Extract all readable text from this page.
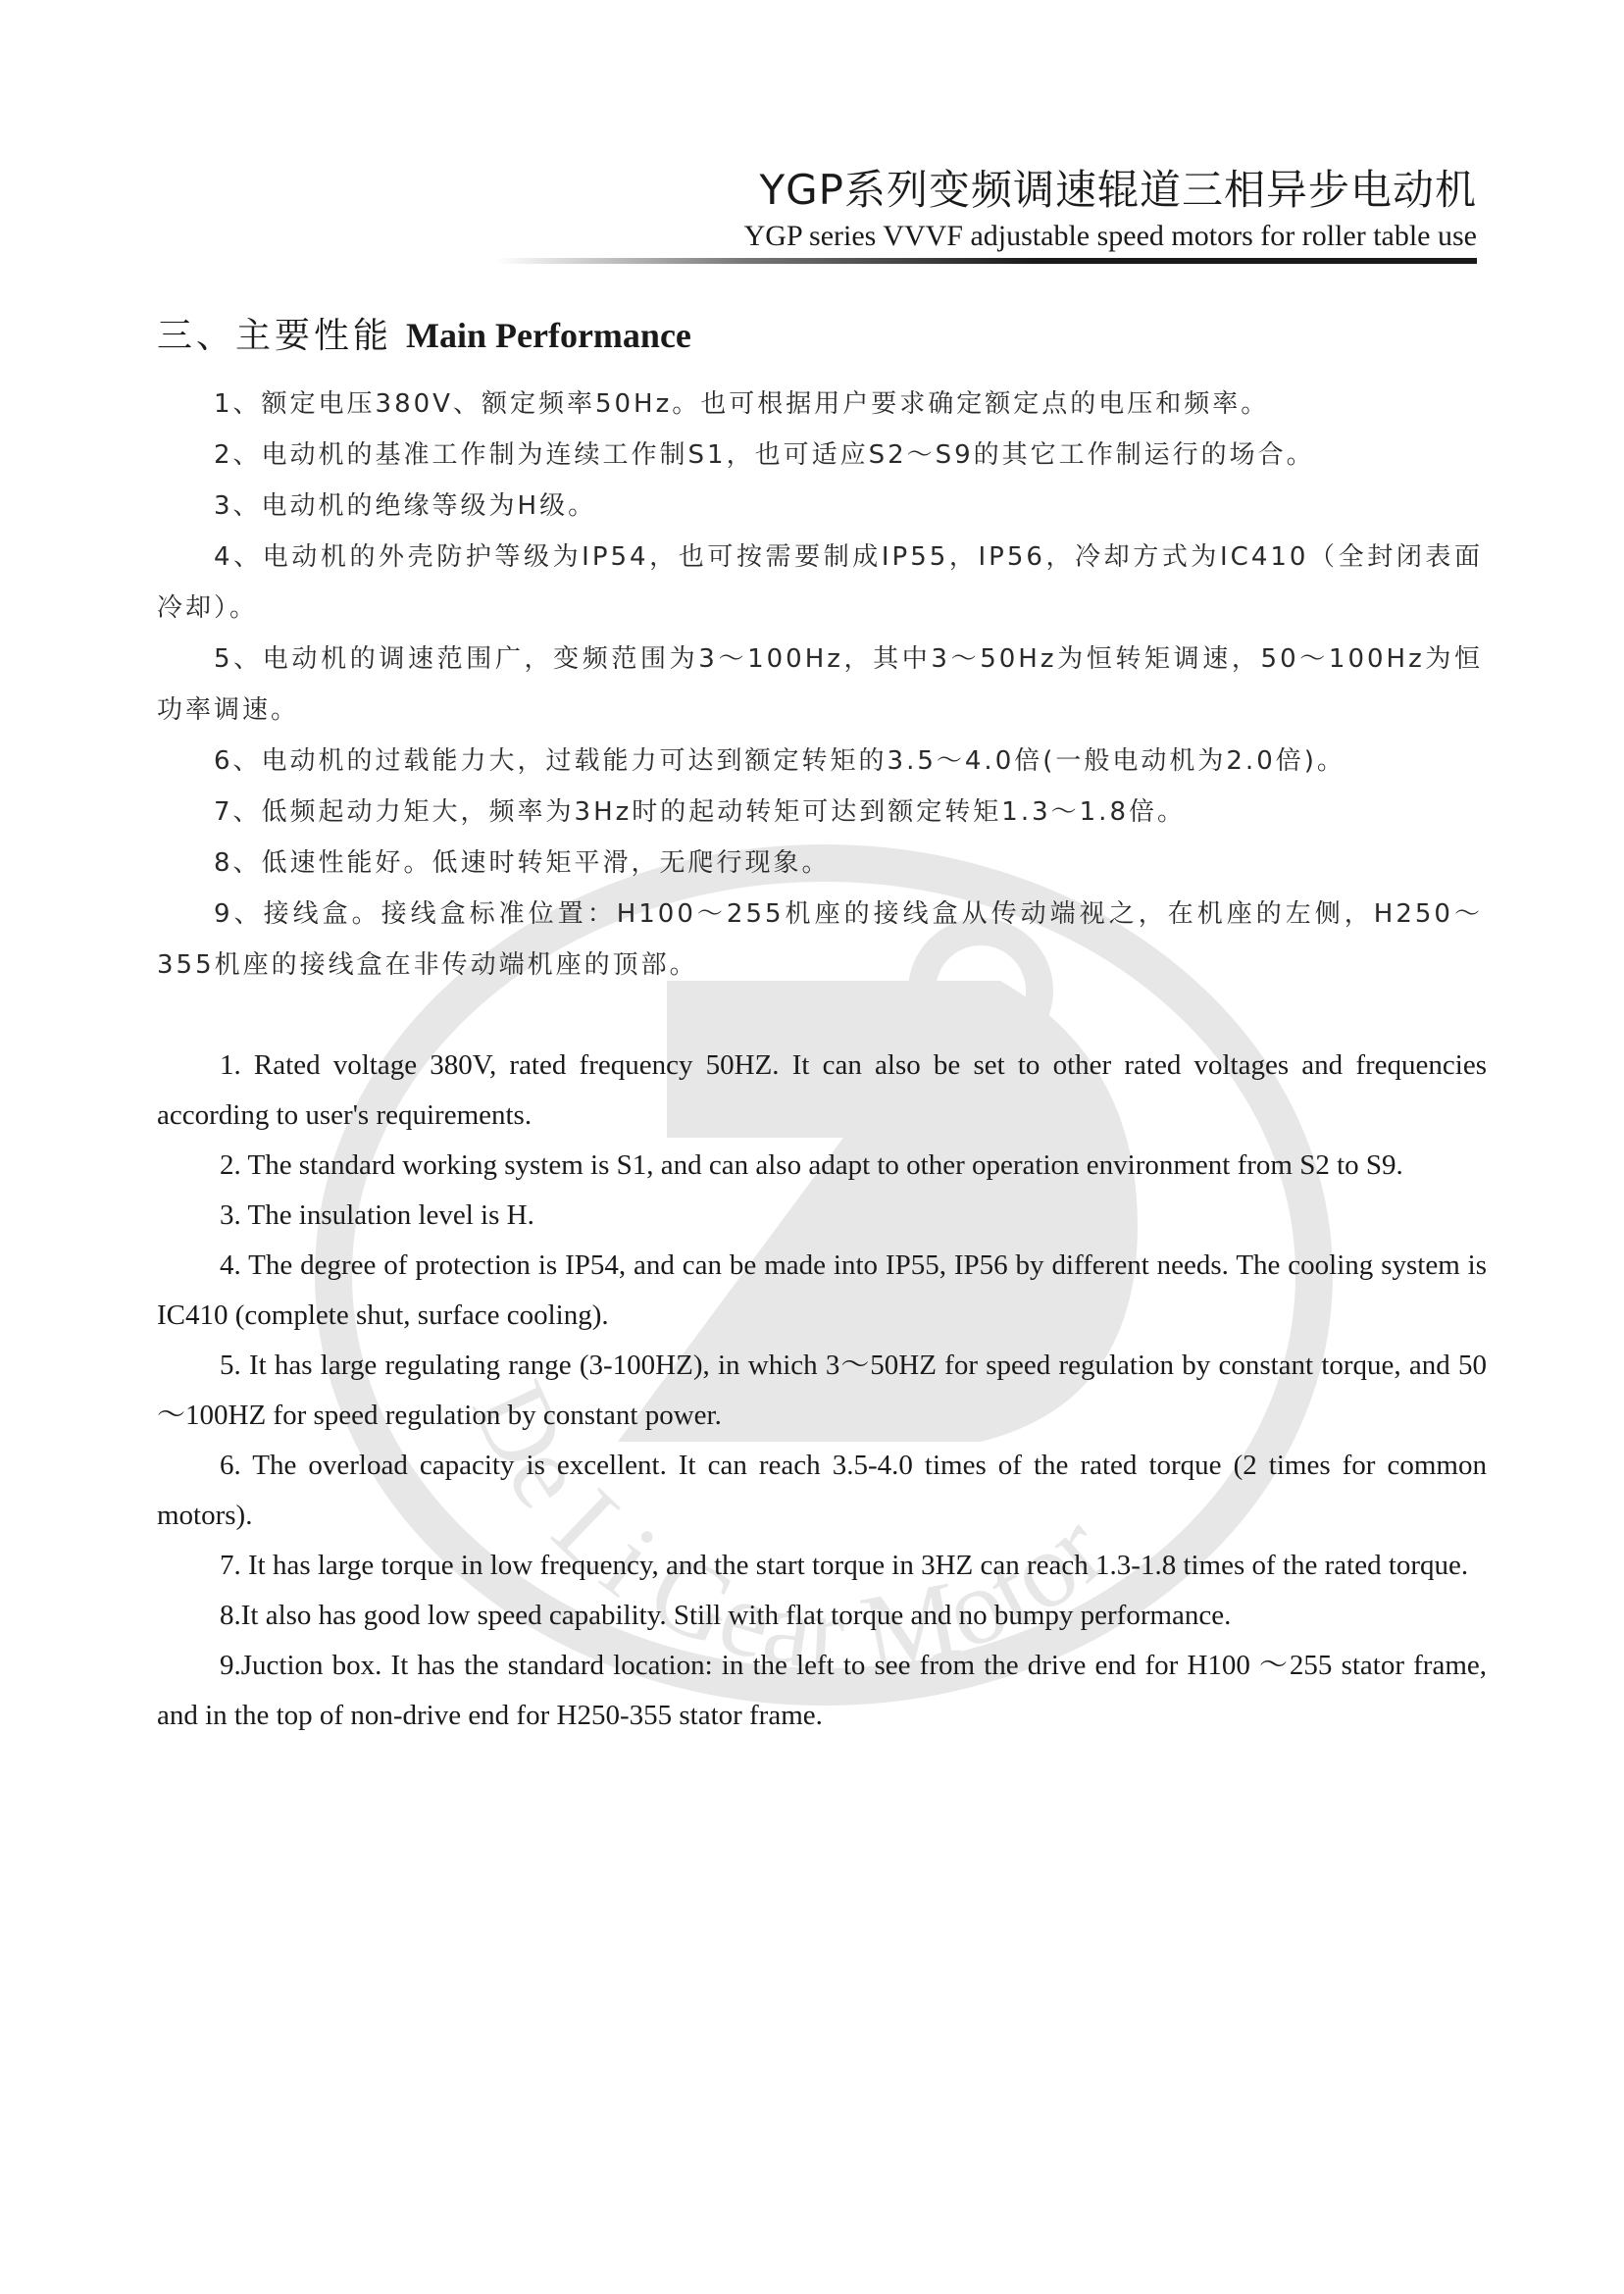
De Li Gear Motor
YGP系列变频调速辊道三相异步电动机
YGP series VVVF adjustable speed motors for roller table use
三、主要性能 Main Performance

1、额定电压380V、额定频率50Hz。也可根据用户要求确定额定点的电压和频率。

2、电动机的基准工作制为连续工作制S1，也可适应S2～S9的其它工作制运行的场合。

3、电动机的绝缘等级为H级。

4、电动机的外壳防护等级为IP54，也可按需要制成IP55，IP56，冷却方式为IC410（全封闭表面冷却）。

5、电动机的调速范围广，变频范围为3～100Hz，其中3～50Hz为恒转矩调速，50～100Hz为恒功率调速。

6、电动机的过载能力大，过载能力可达到额定转矩的3.5～4.0倍(一般电动机为2.0倍)。

7、低频起动力矩大，频率为3Hz时的起动转矩可达到额定转矩1.3～1.8倍。

8、低速性能好。低速时转矩平滑，无爬行现象。

9、接线盒。接线盒标准位置：H100～255机座的接线盒从传动端视之，在机座的左侧，H250～355机座的接线盒在非传动端机座的顶部。

1. Rated voltage 380V, rated frequency 50HZ. It can also be set to other rated voltages and frequencies according to user's requirements.

2. The standard working system is S1, and can also adapt to other operation environment from S2 to S9.

3. The insulation level is H.

4. The degree of protection is IP54, and can be made into IP55, IP56 by different needs. The cooling system is IC410 (complete shut, surface cooling).

5. It has large regulating range (3-100HZ), in which 3～50HZ for speed regulation by constant torque, and 50～100HZ for speed regulation by constant power.

6. The overload capacity is excellent. It can reach 3.5-4.0 times of the rated torque (2 times for common motors).

7. It has large torque in low frequency, and the start torque in 3HZ can reach 1.3-1.8 times of the rated torque.

8.It also has good low speed capability. Still with flat torque and no bumpy performance.

9.Juction box. It has the standard location: in the left to see from the drive end for H100 ～255 stator frame, and in the top of non-drive end for H250-355 stator frame.
